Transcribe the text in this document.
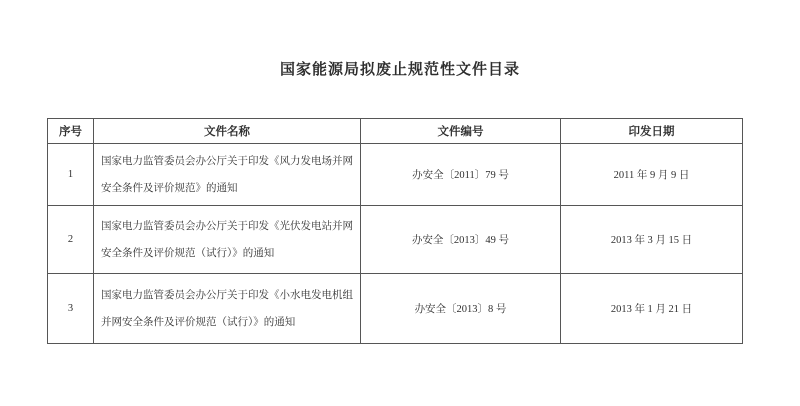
国家能源局拟废止规范性文件目录
序号	文件名称	文件编号	印发日期
1	国家电力监管委员会办公厅关于印发《风力发电场并网安全条件及评价规范》的通知	办安全〔2011〕79 号	2011 年 9 月 9 日
2	国家电力监管委员会办公厅关于印发《光伏发电站并网安全条件及评价规范（试行）》的通知	办安全〔2013〕49 号	2013 年 3 月 15 日
3	国家电力监管委员会办公厅关于印发《小水电发电机组并网安全条件及评价规范（试行）》的通知	办安全〔2013〕8 号	2013 年 1 月 21 日
